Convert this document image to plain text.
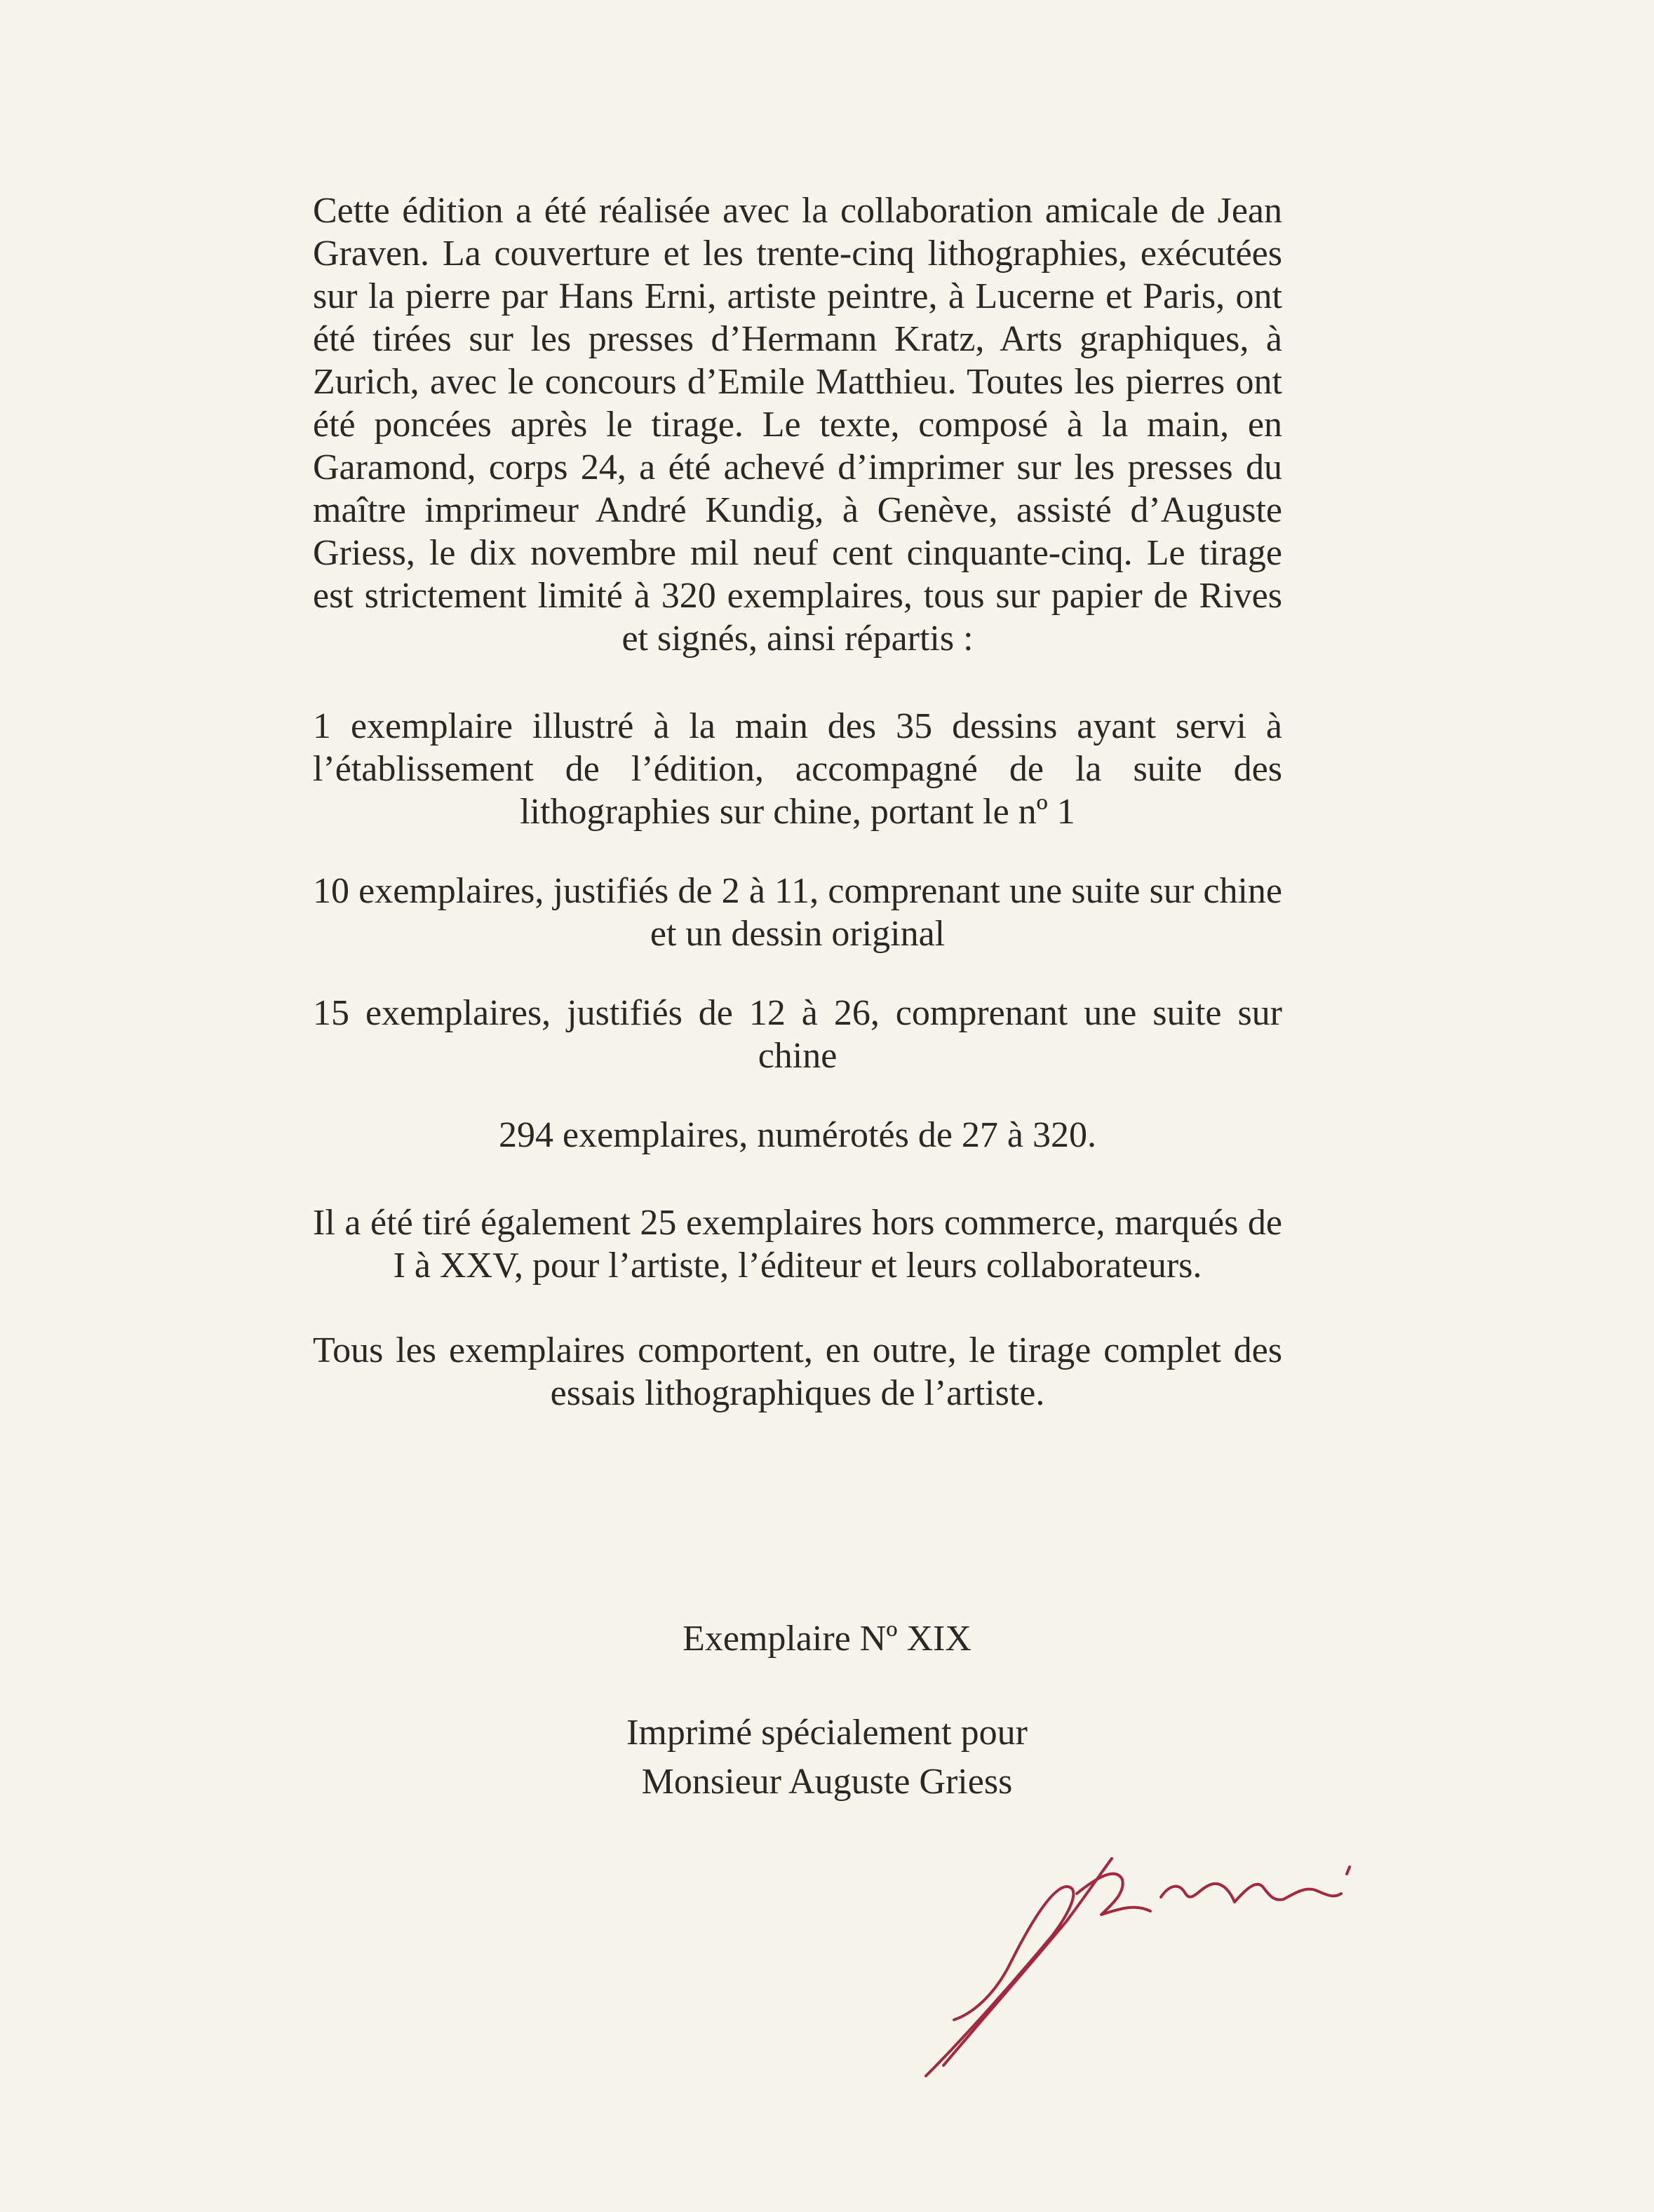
Cette édition a été réalisée avec la collaboration amicale de Jean Graven. La couverture et les trente-cinq lithographies, exécutées sur la pierre par Hans Erni, artiste peintre, à Lucerne et Paris, ont été tirées sur les presses d’Hermann Kratz, Arts graphiques, à Zurich, avec le concours d’Emile Matthieu. Toutes les pierres ont été poncées après le tirage. Le texte, composé à la main, en Garamond, corps 24, a été achevé d’imprimer sur les presses du maître imprimeur André Kundig, à Genève, assisté d’Auguste Griess, le dix novembre mil neuf cent cinquante-cinq. Le tirage est strictement limité à 320 exemplaires, tous sur papier de Rives et signés, ainsi répartis :

1 exemplaire illustré à la main des 35 dessins ayant servi à l’établissement de l’édition, accompagné de la suite des lithographies sur chine, portant le nº 1

10 exemplaires, justifiés de 2 à 11, comprenant une suite sur chine et un dessin original

15 exemplaires, justifiés de 12 à 26, comprenant une suite sur chine

294 exemplaires, numérotés de 27 à 320.

Il a été tiré également 25 exemplaires hors commerce, marqués de I à XXV, pour l’artiste, l’éditeur et leurs collaborateurs.

Tous les exemplaires comportent, en outre, le tirage complet des essais lithographiques de l’artiste.

Exemplaire Nº XIX
Imprimé spécialement pour
Monsieur Auguste Griess
